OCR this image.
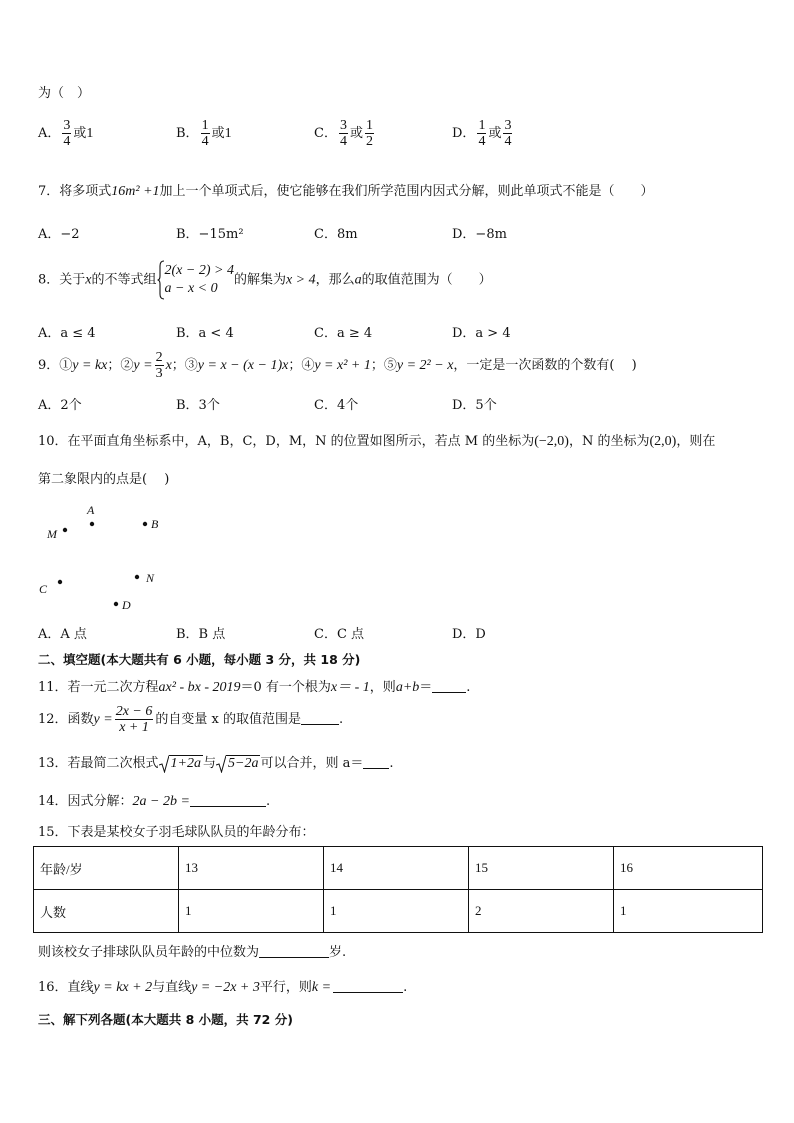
为（　）
A． $\frac{3}{4}$ 或1	B． $\frac{1}{4}$ 或1	C． $\frac{3}{4}$ 或 $\frac{1}{2}$	D． $\frac{1}{4}$ 或 $\frac{3}{4}$
7．将多项式16m² +1加上一个单项式后，使它能够在我们所学范围内因式分解，则此单项式不能是（　　）
A．−2	B．−15m²	C．8m	D．−8m
8．关于x的不等式组
2(x − 2) > 4
a − x < 0
的解集为x > 4，那么a的取值范围为（　　）
A．a ≤ 4	B．a < 4	C．a ≥ 4	D．a > 4
9．①y = kx；②y = $\frac{2}{3}$ x；③y = x − (x − 1)x；④y = x² + 1；⑤y = 2² − x，一定是一次函数的个数有(　 )
A．2个	B．3个	C．4个	D．5个
10．在平面直角坐标系中，A，B，C，D，M，N 的位置如图所示，若点 M 的坐标为(−2,0)，N 的坐标为(2,0)，则在
第二象限内的点是(　 )
A
B
M
C
N
D
A．A 点	B．B 点	C．C 点	D．D
二、填空题(本大题共有 6 小题，每小题 3 分，共 18 分)
11．若一元二次方程ax² - bx - 2019＝0 有一个根为x＝ - 1，则a+b＝	.
12．函数$y = \frac{2x - 6}{x + 1}$ 的自变量 x 的取值范围是	.
13．若最简二次根式 1+2a 与 5−2a 可以合并，则 a＝ .
14．因式分解：2a − 2b =	.
15．下表是某校女子羽毛球队队员的年龄分布：
年龄/岁	13	14	15	16
人数	1	1	2	1
则该校女子排球队队员年龄的中位数为	岁.
16．直线y = kx + 2与直线y = −2x + 3平行，则k =	.
三、解下列各题(本大题共 8 小题，共 72 分)
